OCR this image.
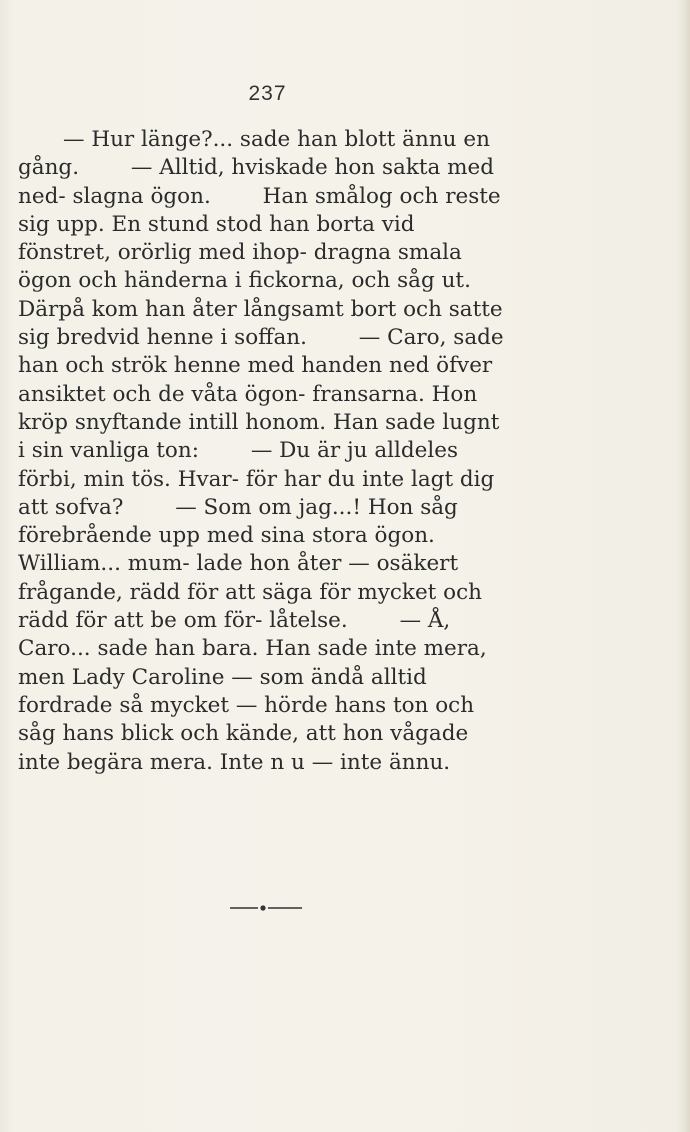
237
— Hur länge?... sade han blott ännu en gång. — Alltid, hviskade hon sakta med ned- slagna ögon. Han smålog och reste sig upp. En stund stod han borta vid fönstret, orörlig med ihop- dragna smala ögon och händerna i fickorna, och såg ut. Därpå kom han åter långsamt bort och satte sig bredvid henne i soffan. — Caro, sade han och strök henne med handen ned öfver ansiktet och de våta ögon- fransarna. Hon kröp snyftande intill honom. Han sade lugnt i sin vanliga ton: — Du är ju alldeles förbi, min tös. Hvar- för har du inte lagt dig att sofva? — Som om jag...! Hon såg förebrående upp med sina stora ögon. William... mum- lade hon åter — osäkert frågande, rädd för att säga för mycket och rädd för att be om för- låtelse. — Å, Caro... sade han bara. Han sade inte mera, men Lady Caroline — som ändå alltid fordrade så mycket — hörde hans ton och såg hans blick och kände, att hon vågade inte begära mera. Inte n u — inte ännu.
